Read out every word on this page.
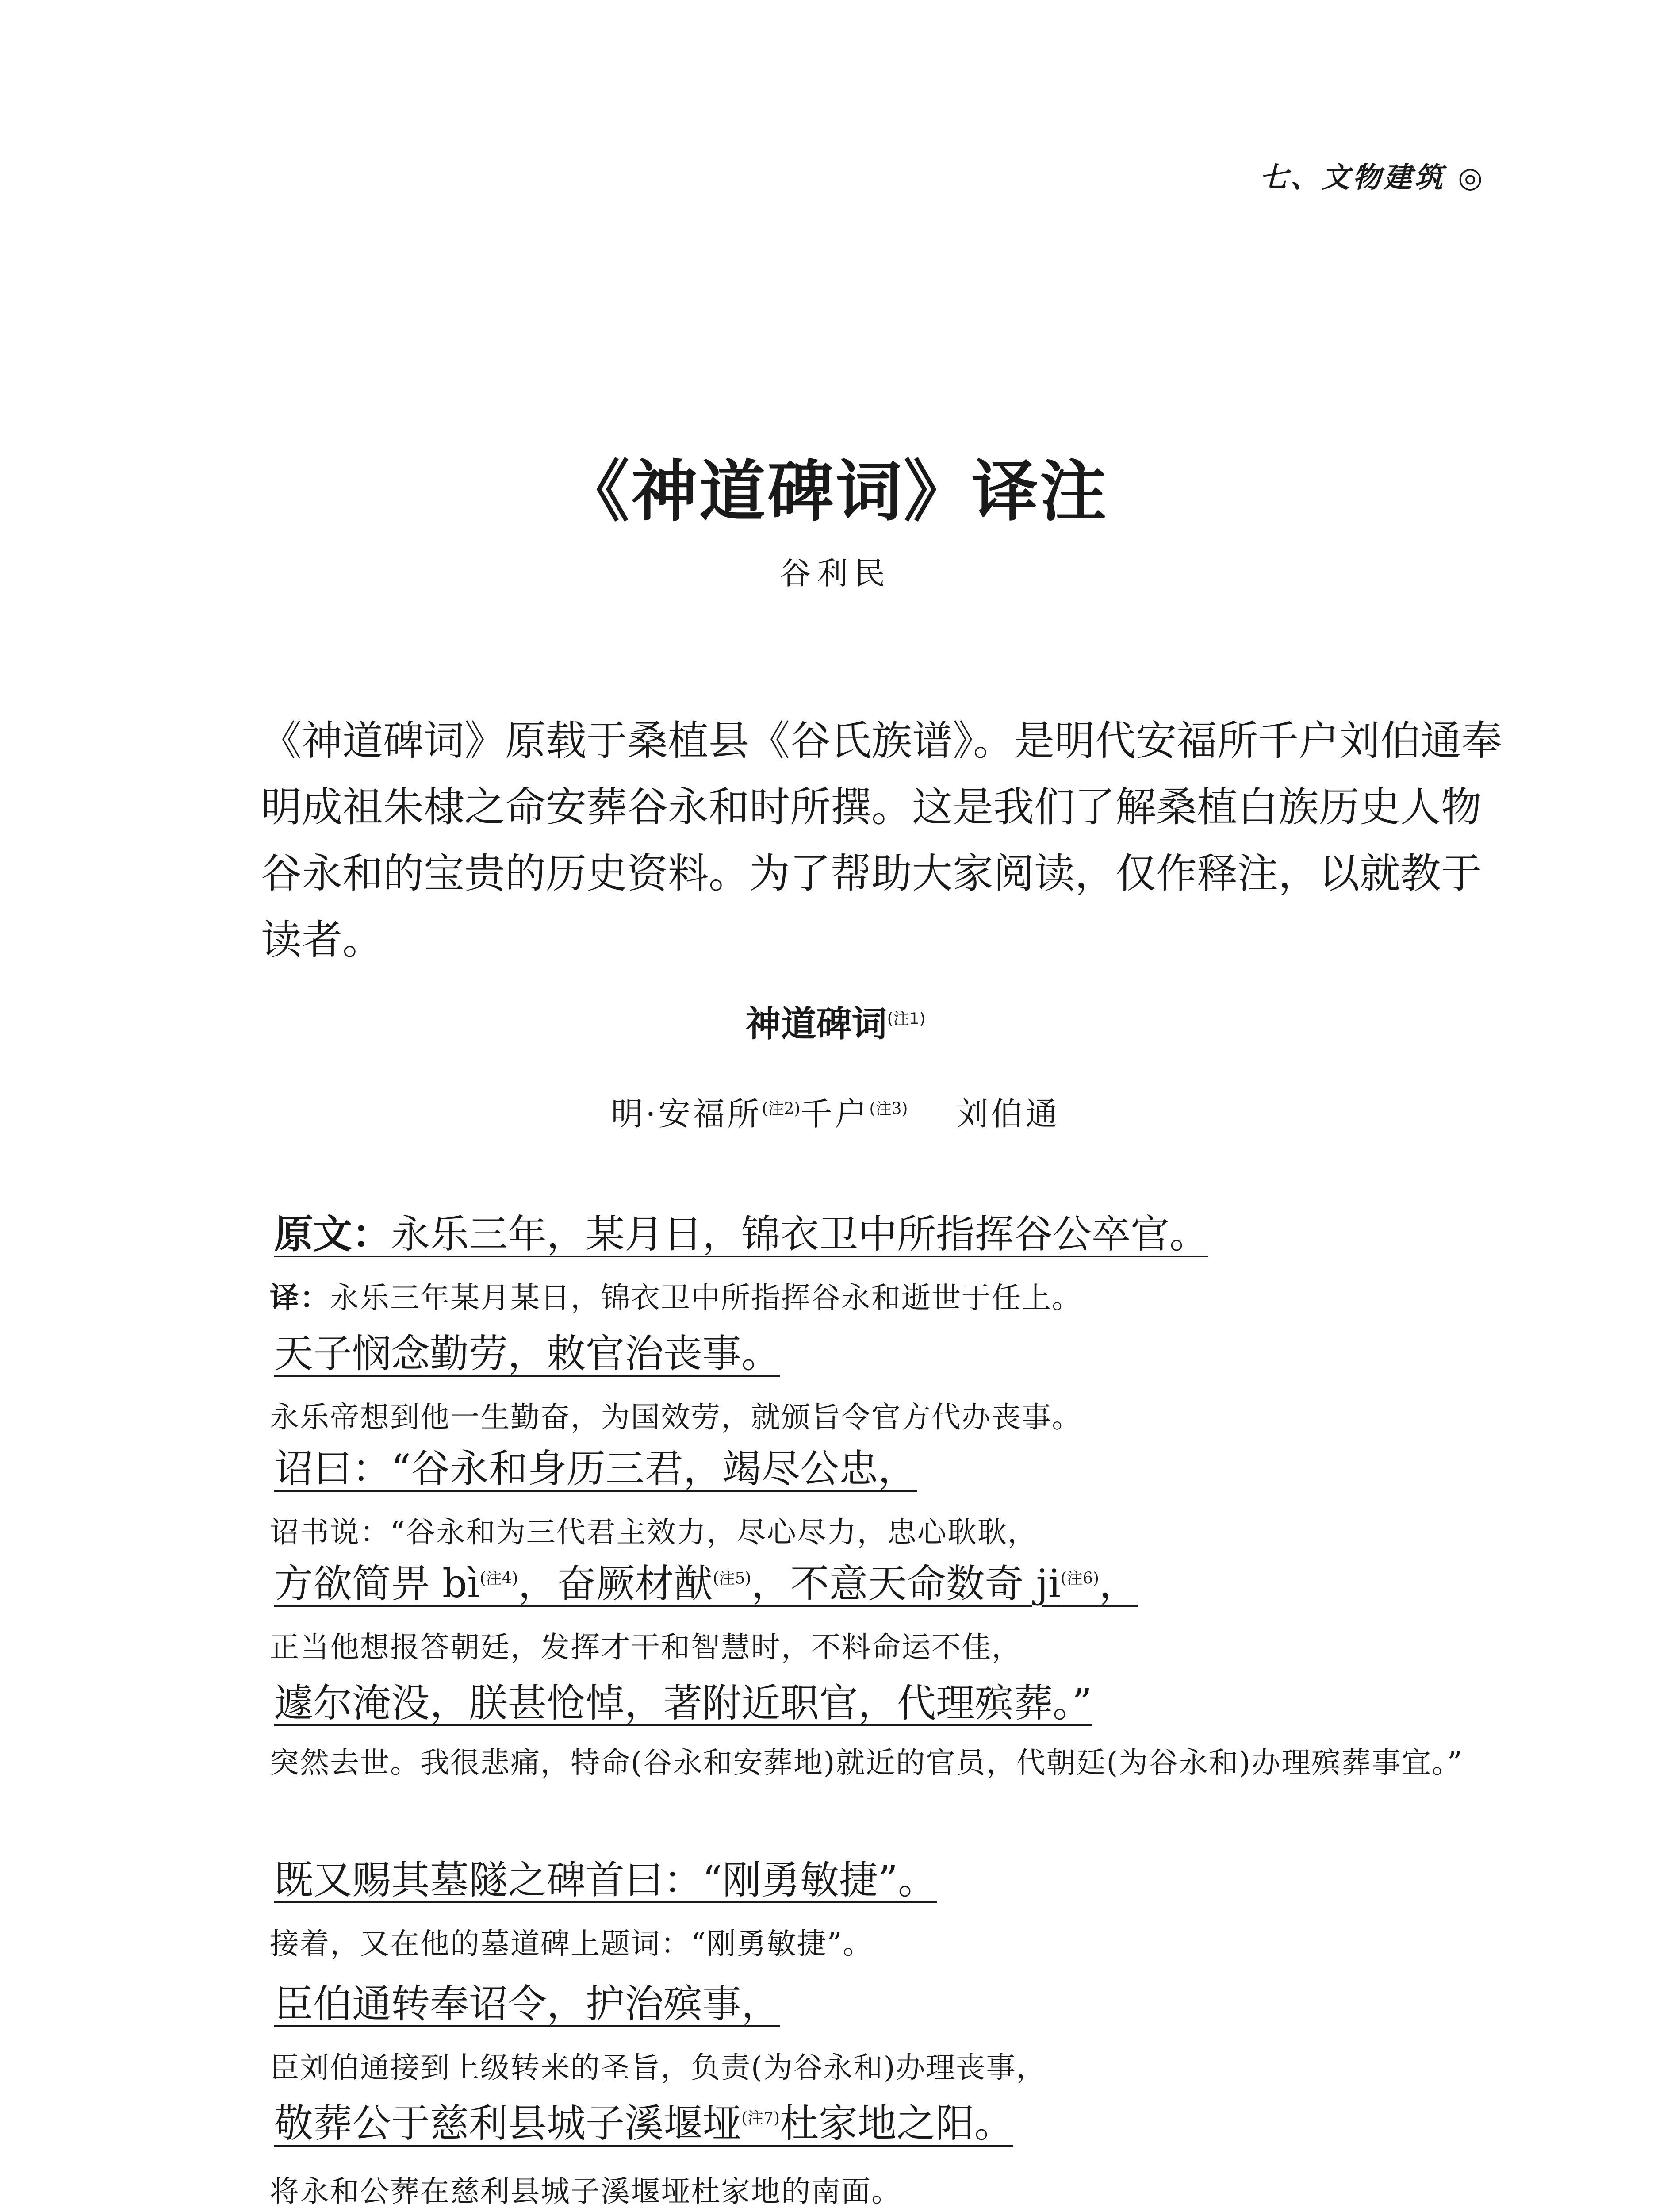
七、文物建筑 ◎
《神道碑词》译注
谷利民

《神道碑词》原载于桑植县《谷氏族谱》。是明代安福所千户刘伯通奉明成祖朱棣之命安葬谷永和时所撰。这是我们了解桑植白族历史人物谷永和的宝贵的历史资料。为了帮助大家阅读，仅作释注，以就教于读者。

神道碑词$^{(注1)}$
明·安福所$^{(注2)}$千户$^{(注3)}$ 刘伯通
原文：永乐三年，某月日，锦衣卫中所指挥谷公卒官。
译：永乐三年某月某日，锦衣卫中所指挥谷永和逝世于任上。
天子悯念勤劳，敕官治丧事。
永乐帝想到他一生勤奋，为国效劳，就颁旨令官方代办丧事。
诏曰：“谷永和身历三君，竭尽公忠，
诏书说：“谷永和为三代君主效力，尽心尽力，忠心耿耿，
方欲简畀 bì$^{(注4)}$，奋厥材猷$^{(注5)}$，不意天命数奇 ji$^{(注6)}$，
正当他想报答朝廷，发挥才干和智慧时，不料命运不佳，
遽尔淹没，朕甚怆悼，著附近职官，代理殡葬。”
突然去世。我很悲痛，特命(谷永和安葬地)就近的官员，代朝廷(为谷永和)办理殡葬事宜。”
既又赐其墓隧之碑首曰：“刚勇敏捷”。
接着，又在他的墓道碑上题词：“刚勇敏捷”。
臣伯通转奉诏令，护治殡事，
臣刘伯通接到上级转来的圣旨，负责(为谷永和)办理丧事，
敬葬公于慈利县城子溪堰垭$^{(注7)}$杜家地之阳。
将永和公葬在慈利县城子溪堰垭杜家地的南面。
